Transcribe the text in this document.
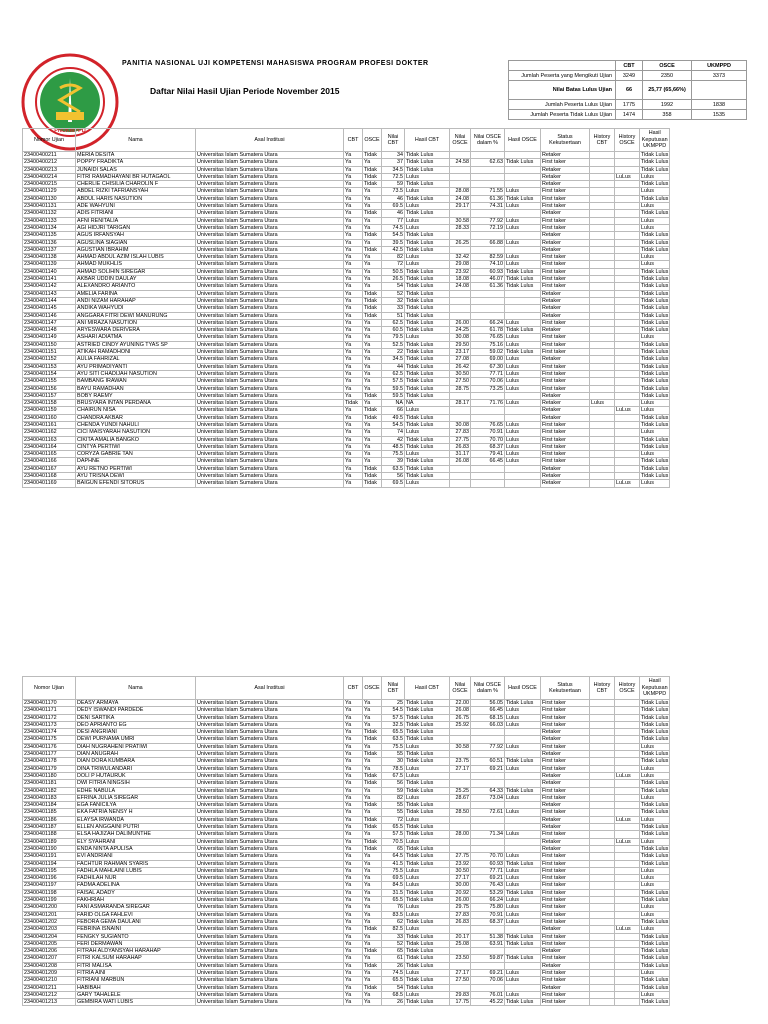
PNUKMPPD
PANITIA NASIONAL UJI KOMPETENSI MAHASISWA PROGRAM PROFESI DOKTER
Daftar Nilai Hasil Ujian Periode November 2015
	CBT	OSCE	UKMPPD
Jumlah Peserta yang Mengikuti Ujian	3249	2350	3373
Nilai Batas Lulus Ujian	66	25,77 (65,66%)	
Jumlah Peserta Lulus Ujian	1775	1992	1838
Jumlah Peserta Tidak Lulus Ujian	1474	358	1535
Nomor Ujian	Nama	Asal Institusi	CBT	OSCE	Nilai CBT	Hasil CBT	Nilai OSCE	Nilai OSCE dalam %	Hasil OSCE	Status Kekutsertaan	History CBT	History OSCE	Hasil Keputusan UKMPPD
23400400211	MERIA DESITA	Universitas Islam Sumatera Utara	Ya	Tidak	34	Tidak Lulus				Retaker			Tidak Lulus
23400400212	POPPY FRADIKTA	Universitas Islam Sumatera Utara	Ya	Ya	37	Tidak Lulus	24.58	62.63	Tidak Lulus	First taker			Tidak Lulus
23400400213	JUNAIDI SALAS	Universitas Islam Sumatera Utara	Ya	Tidak	34.5	Tidak Lulus				Retaker			Tidak Lulus
23400400214	FITRI RAMADHAYANI BR HUTAGAOL	Universitas Islam Sumatera Utara	Ya	Tidak	72.5	Lulus				Retaker		LuLus	Lulus
23400400215	CHERLIE CHISILIA CHAROLIN F	Universitas Islam Sumatera Utara	Ya	Tidak	59	Tidak Lulus				Retaker			Tidak Lulus
23400401129	ABDEL RIZKI TAFRIANSYAH	Universitas Islam Sumatera Utara	Ya	Ya	73.5	Lulus	28.08	71.55	Lulus	First taker			Lulus
23400401130	ABDUL HARIS NASUTION	Universitas Islam Sumatera Utara	Ya	Ya	46	Tidak Lulus	24.08	61.36	Tidak Lulus	First taker			Tidak Lulus
23400401131	ADE WAHYUNI	Universitas Islam Sumatera Utara	Ya	Ya	69.5	Lulus	29.17	74.31	Lulus	First taker			Lulus
23400401132	ADIS FITRIANI	Universitas Islam Sumatera Utara	Ya	Tidak	46	Tidak Lulus				Retaker			Tidak Lulus
23400401133	AFNI RENITALIA	Universitas Islam Sumatera Utara	Ya	Ya	77	Lulus	30.58	77.92	Lulus	First taker			Lulus
23400401134	AGI HIDJRI TARIGAN	Universitas Islam Sumatera Utara	Ya	Ya	74.5	Lulus	28.33	72.19	Lulus	First taker			Lulus
23400401135	AGUS IRFANSYAH	Universitas Islam Sumatera Utara	Ya	Tidak	54.5	Tidak Lulus				Retaker			Tidak Lulus
23400401136	AGUSLINA SIAGIAN	Universitas Islam Sumatera Utara	Ya	Ya	39.5	Tidak Lulus	26.25	66.88	Lulus	Retaker			Tidak Lulus
23400401137	AGUSTIAN IBRAHIM	Universitas Islam Sumatera Utara	Ya	Tidak	42.5	Tidak Lulus				Retaker			Tidak Lulus
23400401138	AHMAD ABDUL AZIM ISLAH LUBIS	Universitas Islam Sumatera Utara	Ya	Ya	82	Lulus	32.42	82.59	Lulus	First taker			Lulus
23400401139	AHMAD MUKHLIS	Universitas Islam Sumatera Utara	Ya	Ya	72	Lulus	29.08	74.10	Lulus	First taker			Lulus
23400401140	AHMAD SOLIHIN SIREGAR	Universitas Islam Sumatera Utara	Ya	Ya	50.5	Tidak Lulus	23.92	60.93	Tidak Lulus	First taker			Tidak Lulus
23400401141	AKBAR UDDIN DAULAY	Universitas Islam Sumatera Utara	Ya	Ya	26.5	Tidak Lulus	18.08	46.07	Tidak Lulus	First taker			Tidak Lulus
23400401142	ALEXANDRO ARIANTO	Universitas Islam Sumatera Utara	Ya	Ya	54	Tidak Lulus	24.08	61.36	Tidak Lulus	First taker			Tidak Lulus
23400401143	AMELIA FARINA	Universitas Islam Sumatera Utara	Ya	Tidak	52	Tidak Lulus				Retaker			Tidak Lulus
23400401144	ANDI NIZAM HARAHAP	Universitas Islam Sumatera Utara	Ya	Tidak	32	Tidak Lulus				Retaker			Tidak Lulus
23400401145	ANDIKA WAHYUDI	Universitas Islam Sumatera Utara	Ya	Tidak	33	Tidak Lulus				Retaker			Tidak Lulus
23400401146	ANGGARA FITRI DEWI MANURUNG	Universitas Islam Sumatera Utara	Ya	Tidak	51	Tidak Lulus				Retaker			Tidak Lulus
23400401147	ANI MIRAZA NASUTION	Universitas Islam Sumatera Utara	Ya	Ya	62.5	Tidak Lulus	26.00	66.24	Lulus	First taker			Tidak Lulus
23400401148	ARYESWARA DERIVERA	Universitas Islam Sumatera Utara	Ya	Ya	60.5	Tidak Lulus	24.25	61.78	Tidak Lulus	Retaker			Tidak Lulus
23400401149	ASHARI ADIATMA	Universitas Islam Sumatera Utara	Ya	Ya	79.5	Lulus	30.08	76.65	Lulus	First taker			Lulus
23400401150	ASTRIED CINDY AYUNING TYAS SP	Universitas Islam Sumatera Utara	Ya	Ya	52.5	Tidak Lulus	29.50	75.16	Lulus	First taker			Tidak Lulus
23400401151	ATIKAH RAMADHONI	Universitas Islam Sumatera Utara	Ya	Ya	22	Tidak Lulus	23.17	59.02	Tidak Lulus	First taker			Tidak Lulus
23400401152	AULIA FAHRIZAL	Universitas Islam Sumatera Utara	Ya	Ya	34.5	Tidak Lulus	27.08	69.00	Lulus	Retaker			Tidak Lulus
23400401153	AYU PRIMADIYANTI	Universitas Islam Sumatera Utara	Ya	Ya	44	Tidak Lulus	26.42	67.30	Lulus	First taker			Tidak Lulus
23400401154	AYU SITI CHADIJAH NASUTION	Universitas Islam Sumatera Utara	Ya	Ya	62.5	Tidak Lulus	30.50	77.71	Lulus	First taker			Tidak Lulus
23400401155	BAMBANG IRAWAN	Universitas Islam Sumatera Utara	Ya	Ya	57.5	Tidak Lulus	27.50	70.06	Lulus	First taker			Tidak Lulus
23400401156	BAYU RAMADHAN	Universitas Islam Sumatera Utara	Ya	Ya	59.5	Tidak Lulus	28.75	73.25	Lulus	First taker			Tidak Lulus
23400401157	BOBY RAEMY	Universitas Islam Sumatera Utara	Ya	Tidak	59.5	Tidak Lulus				Retaker			Tidak Lulus
23400401158	BRUSYARA INTAN PERDANA	Universitas Islam Sumatera Utara	Tidak	Ya	NA	NA	28.17	71.76	Lulus	Retaker	Lulus		Lulus
23400401159	CHAIRUN NISA	Universitas Islam Sumatera Utara	Ya	Tidak	66	Lulus				Retaker		LuLus	Lulus
23400401160	CHANDRA AKBAR	Universitas Islam Sumatera Utara	Ya	Tidak	49.5	Tidak Lulus				Retaker			Tidak Lulus
23400401161	CHENDA YUNDI NAHULI	Universitas Islam Sumatera Utara	Ya	Ya	54.5	Tidak Lulus	30.08	76.65	Lulus	First taker			Tidak Lulus
23400401162	CICI MAISYARAH NASUTION	Universitas Islam Sumatera Utara	Ya	Ya	74	Lulus	27.83	70.91	Lulus	First taker			Lulus
23400401163	CIKITA AMALIA BANGKO	Universitas Islam Sumatera Utara	Ya	Ya	42	Tidak Lulus	27.75	70.70	Lulus	First taker			Tidak Lulus
23400401164	CINTYA PERTIWI	Universitas Islam Sumatera Utara	Ya	Ya	48.5	Tidak Lulus	26.83	68.37	Lulus	First taker			Tidak Lulus
23400401165	CORYZA GABRIE TAN	Universitas Islam Sumatera Utara	Ya	Ya	75.5	Lulus	31.17	79.41	Lulus	First taker			Lulus
23400401166	DAPHNE	Universitas Islam Sumatera Utara	Ya	Ya	39	Tidak Lulus	26.08	66.45	Lulus	First taker			Tidak Lulus
23400401167	AYU RETNO PERTIWI	Universitas Islam Sumatera Utara	Ya	Tidak	63.5	Tidak Lulus				Retaker			Tidak Lulus
23400401168	AYU TRISNA DEWI	Universitas Islam Sumatera Utara	Ya	Tidak	56	Tidak Lulus				Retaker			Tidak Lulus
23400401169	BAIGUN EFENDI SITORUS	Universitas Islam Sumatera Utara	Ya	Tidak	69.5	Lulus				Retaker		LuLus	Lulus
Nomor Ujian	Nama	Asal Institusi	CBT	OSCE	Nilai CBT	Hasil CBT	Nilai OSCE	Nilai OSCE dalam %	Hasil OSCE	Status Kekutsertaan	History CBT	History OSCE	Hasil Keputusan UKMPPD
23400401170	DEASY ARMAYA	Universitas Islam Sumatera Utara	Ya	Ya	25	Tidak Lulus	22.00	56.05	Tidak Lulus	First taker			Tidak Lulus
23400401171	DEDY ISWANDI PARDEDE	Universitas Islam Sumatera Utara	Ya	Ya	54.5	Tidak Lulus	26.08	66.45	Lulus	First taker			Tidak Lulus
23400401172	DENI SARTIKA	Universitas Islam Sumatera Utara	Ya	Ya	57.5	Tidak Lulus	26.75	68.15	Lulus	First taker			Tidak Lulus
23400401173	DEO APRIANTO EG	Universitas Islam Sumatera Utara	Ya	Ya	32.5	Tidak Lulus	25.92	66.03	Lulus	First taker			Tidak Lulus
23400401174	DESI ANGRIANI	Universitas Islam Sumatera Utara	Ya	Tidak	65.5	Tidak Lulus				Retaker			Tidak Lulus
23400401175	DEWI PURNAMA UMRI	Universitas Islam Sumatera Utara	Ya	Tidak	63.5	Tidak Lulus				Retaker			Tidak Lulus
23400401176	DIAH NUGRAHENI PRATIWI	Universitas Islam Sumatera Utara	Ya	Ya	75.5	Lulus	30.58	77.92	Lulus	First taker			Lulus
23400401177	DIAN ANUGRAH	Universitas Islam Sumatera Utara	Ya	Tidak	55	Tidak Lulus				Retaker			Tidak Lulus
23400401178	DIAN DORA KUMBARA	Universitas Islam Sumatera Utara	Ya	Ya	30	Tidak Lulus	23.75	60.51	Tidak Lulus	First taker			Tidak Lulus
23400401179	DINA TRIWULANDARI	Universitas Islam Sumatera Utara	Ya	Ya	78.5	Lulus	27.17	69.21	Lulus	First taker			Lulus
23400401180	DOLI P HUTAURUK	Universitas Islam Sumatera Utara	Ya	Tidak	67.5	Lulus				Retaker		LuLus	Lulus
23400401181	DWI FITRIA NINGSIH	Universitas Islam Sumatera Utara	Ya	Tidak	56	Tidak Lulus				Retaker			Tidak Lulus
23400401182	EDHE NABULA	Universitas Islam Sumatera Utara	Ya	Ya	59	Tidak Lulus	25.25	64.33	Tidak Lulus	First taker			Tidak Lulus
23400401183	EFRINA JULIA SIREGAR	Universitas Islam Sumatera Utara	Ya	Ya	82	Lulus	28.67	73.04	Lulus	First taker			Lulus
23400401184	EGA FANICILYA	Universitas Islam Sumatera Utara	Ya	Tidak	55	Tidak Lulus				Retaker			Tidak Lulus
23400401185	EKA FATRIA NENSY H	Universitas Islam Sumatera Utara	Ya	Ya	55	Tidak Lulus	28.50	72.61	Lulus	First taker			Tidak Lulus
23400401186	ELAYSA IRWANDA	Universitas Islam Sumatera Utara	Ya	Tidak	72	Lulus				Retaker		LuLus	Lulus
23400401187	ELLEN ANGGAINI PUTRI	Universitas Islam Sumatera Utara	Ya	Tidak	65.5	Tidak Lulus				Retaker			Tidak Lulus
23400401188	ELSA HAJIZAH DALIMUNTHE	Universitas Islam Sumatera Utara	Ya	Ya	57.5	Tidak Lulus	28.00	71.34	Lulus	First taker			Tidak Lulus
23400401189	ELY SYAHRANI	Universitas Islam Sumatera Utara	Ya	Tidak	70.5	Lulus				Retaker		LuLus	Lulus
23400401190	ENDA NINTA APULISA	Universitas Islam Sumatera Utara	Ya	Tidak	65	Tidak Lulus				Retaker			Tidak Lulus
23400401191	EVI ANDRIANI	Universitas Islam Sumatera Utara	Ya	Ya	64.5	Tidak Lulus	27.75	70.70	Lulus	First taker			Tidak Lulus
23400401194	FACHTUR RAHMAN SYARIS	Universitas Islam Sumatera Utara	Ya	Ya	41.5	Tidak Lulus	23.92	60.93	Tidak Lulus	First taker			Tidak Lulus
23400401195	FADHLA MAHLAINI LUBIS	Universitas Islam Sumatera Utara	Ya	Ya	75.5	Lulus	30.50	77.71	Lulus	First taker			Lulus
23400401196	FADHILAH NUR	Universitas Islam Sumatera Utara	Ya	Ya	69.5	Lulus	27.17	69.21	Lulus	First taker			Lulus
23400401197	FADMA ADELINA	Universitas Islam Sumatera Utara	Ya	Ya	84.5	Lulus	30.00	76.43	Lulus	First taker			Lulus
23400401198	FAISAL ADADY	Universitas Islam Sumatera Utara	Ya	Ya	31.5	Tidak Lulus	20.92	53.29	Tidak Lulus	First taker			Tidak Lulus
23400401199	FAKHRIAH	Universitas Islam Sumatera Utara	Ya	Ya	65.5	Tidak Lulus	26.00	66.24	Lulus	First taker			Tidak Lulus
23400401200	FANI ASMARANDA SIREGAR	Universitas Islam Sumatera Utara	Ya	Ya	76	Lulus	29.75	75.80	Lulus	First taker			Lulus
23400401201	FARID OLGA FAHLEVI	Universitas Islam Sumatera Utara	Ya	Ya	83.5	Lulus	27.83	70.91	Lulus	First taker			Lulus
23400401202	FEBORA GEMA DAULANI	Universitas Islam Sumatera Utara	Ya	Ya	62	Tidak Lulus	26.83	68.37	Lulus	First taker			Tidak Lulus
23400401203	FEBRINA ISNAINI	Universitas Islam Sumatera Utara	Ya	Tidak	82.5	Lulus				Retaker		LuLus	Lulus
23400401204	FENGKY SUGIANTO	Universitas Islam Sumatera Utara	Ya	Ya	33	Tidak Lulus	20.17	51.38	Tidak Lulus	First taker			Tidak Lulus
23400401205	FERI DERMAWAN	Universitas Islam Sumatera Utara	Ya	Ya	52	Tidak Lulus	25.08	63.91	Tidak Lulus	First taker			Tidak Lulus
23400401206	FITRAH ALDYANSYAH HARAHAP	Universitas Islam Sumatera Utara	Ya	Tidak	65	Tidak Lulus				Retaker			Tidak Lulus
23400401207	FITRI KALSUM HARAHAP	Universitas Islam Sumatera Utara	Ya	Ya	61	Tidak Lulus	23.50	59.87	Tidak Lulus	First taker			Tidak Lulus
23400401208	FITRI MALISA	Universitas Islam Sumatera Utara	Ya	Tidak	26	Tidak Lulus				Retaker			Tidak Lulus
23400401209	FITRIA AINI	Universitas Islam Sumatera Utara	Ya	Ya	74.5	Lulus	27.17	69.21	Lulus	First taker			Lulus
23400401210	FITRIANI MARBUN	Universitas Islam Sumatera Utara	Ya	Ya	65.5	Tidak Lulus	27.50	70.06	Lulus	First taker			Tidak Lulus
23400401211	HABIBAH	Universitas Islam Sumatera Utara	Ya	Tidak	54	Tidak Lulus				Retaker			Tidak Lulus
23400401212	GARY TAHALELE	Universitas Islam Sumatera Utara	Ya	Ya	68.5	Lulus	29.83	76.01	Lulus	First taker			Lulus
23400401213	GEMBIRA WATI LUBIS	Universitas Islam Sumatera Utara	Ya	Ya	26	Tidak Lulus	17.75	45.22	Tidak Lulus	First taker			Tidak Lulus
